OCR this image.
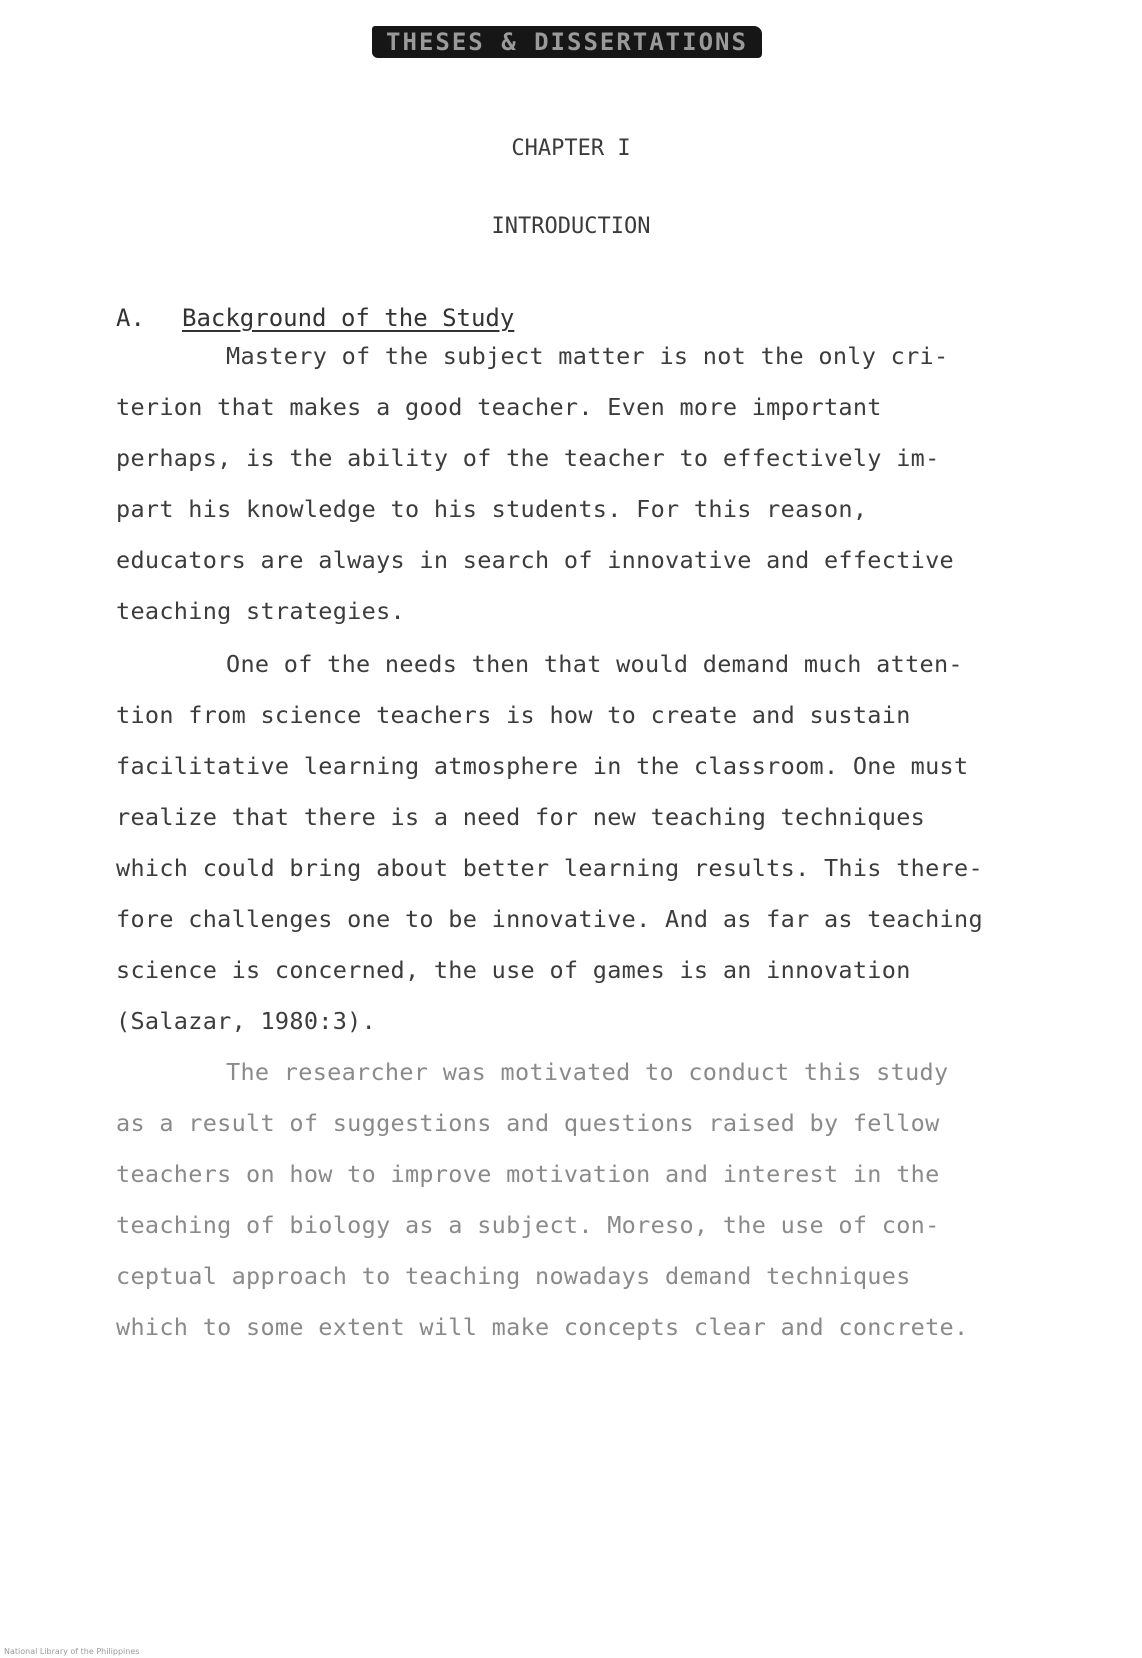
THESES & DISSERTATIONS
CHAPTER I
INTRODUCTION
A. Background of the Study
Mastery of the subject matter is not the only cri-
terion that makes a good teacher. Even more important
perhaps, is the ability of the teacher to effectively im-
part his knowledge to his students. For this reason,
educators are always in search of innovative and effective
teaching strategies.
One of the needs then that would demand much atten-
tion from science teachers is how to create and sustain
facilitative learning atmosphere in the classroom. One must
realize that there is a need for new teaching techniques
which could bring about better learning results. This there-
fore challenges one to be innovative. And as far as teaching
science is concerned, the use of games is an innovation
(Salazar, 1980:3).
The researcher was motivated to conduct this study
as a result of suggestions and questions raised by fellow
teachers on how to improve motivation and interest in the
teaching of biology as a subject. Moreso, the use of con-
ceptual approach to teaching nowadays demand techniques
which to some extent will make concepts clear and concrete.
National Library of the Philippines
